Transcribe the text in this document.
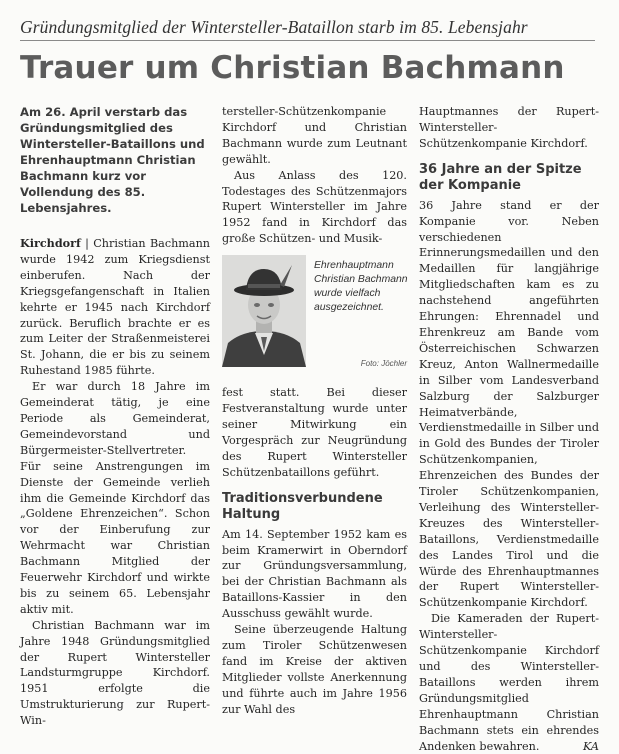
Gründungsmitglied der Wintersteller-Bataillon starb im 85. Lebensjahr
Trauer um Christian Bachmann
Am 26. April verstarb das Gründungsmitglied des Wintersteller-Bataillons und Ehrenhauptmann Christian Bachmann kurz vor Vollendung des 85. Lebensjahres.

Kirchdorf | Christian Bachmann wurde 1942 zum Kriegsdienst einberufen. Nach der Kriegsgefangenschaft in Italien kehrte er 1945 nach Kirchdorf zurück. Beruflich brachte er es zum Leiter der Straßenmeisterei St. Johann, die er bis zu seinem Ruhestand 1985 führte.

Er war durch 18 Jahre im Gemeinderat tätig, je eine Periode als Gemeinderat, Gemeindevorstand und Bürgermeister-Stellvertreter. Für seine Anstrengungen im Dienste der Gemeinde verlieh ihm die Gemeinde Kirchdorf das „Goldene Ehrenzeichen“. Schon vor der Einberufung zur Wehrmacht war Christian Bachmann Mitglied der Feuerwehr Kirchdorf und wirkte bis zu seinem 65. Lebensjahr aktiv mit.

Christian Bachmann war im Jahre 1948 Gründungsmitglied der Rupert Wintersteller Landsturmgruppe Kirchdorf. 1951 erfolgte die Umstrukturierung zur Rupert-Win-

tersteller-Schützenkompanie Kirchdorf und Christian Bachmann wurde zum Leutnant gewählt.

Aus Anlass des 120. Todestages des Schützenmajors Rupert Wintersteller im Jahre 1952 fand in Kirchdorf das große Schützen- und Musik-

Ehrenhauptmann Christian Bachmann wurde vielfach ausgezeichnet.
Foto: Jöchler

fest statt. Bei dieser Festveranstaltung wurde unter seiner Mitwirkung ein Vorgespräch zur Neugründung des Rupert Wintersteller Schützenbataillons geführt.

Traditionsverbundene Haltung

Am 14. September 1952 kam es beim Kramerwirt in Oberndorf zur Gründungsversammlung, bei der Christian Bachmann als Bataillons-Kassier in den Ausschuss gewählt wurde.

Seine überzeugende Haltung zum Tiroler Schützenwesen fand im Kreise der aktiven Mitglieder vollste Anerkennung und führte auch im Jahre 1956 zur Wahl des

Hauptmannes der Rupert-Wintersteller-Schützenkompanie Kirchdorf.

36 Jahre an der Spitze der Kompanie

36 Jahre stand er der Kompanie vor. Neben verschiedenen Erinnerungsmedaillen und den Medaillen für langjährige Mitgliedschaften kam es zu nachstehend angeführten Ehrungen: Ehrennadel und Ehrenkreuz am Bande vom Österreichischen Schwarzen Kreuz, Anton Wallnermedaille in Silber vom Landesverband Salzburg der Salzburger Heimatverbände, Verdienstmedaille in Silber und in Gold des Bundes der Tiroler Schützenkompanien, Ehrenzeichen des Bundes der Tiroler Schützenkompanien, Verleihung des Wintersteller-Kreuzes des Wintersteller-Bataillons, Verdienstmedaille des Landes Tirol und die Würde des Ehrenhauptmannes der Rupert Wintersteller-Schützenkompanie Kirchdorf.

Die Kameraden der Rupert-Wintersteller-Schützenkompanie Kirchdorf und des Wintersteller-Bataillons werden ihrem Gründungsmitglied Ehrenhauptmann Christian Bachmann stets ein ehrendes Andenken bewahren.	KA
